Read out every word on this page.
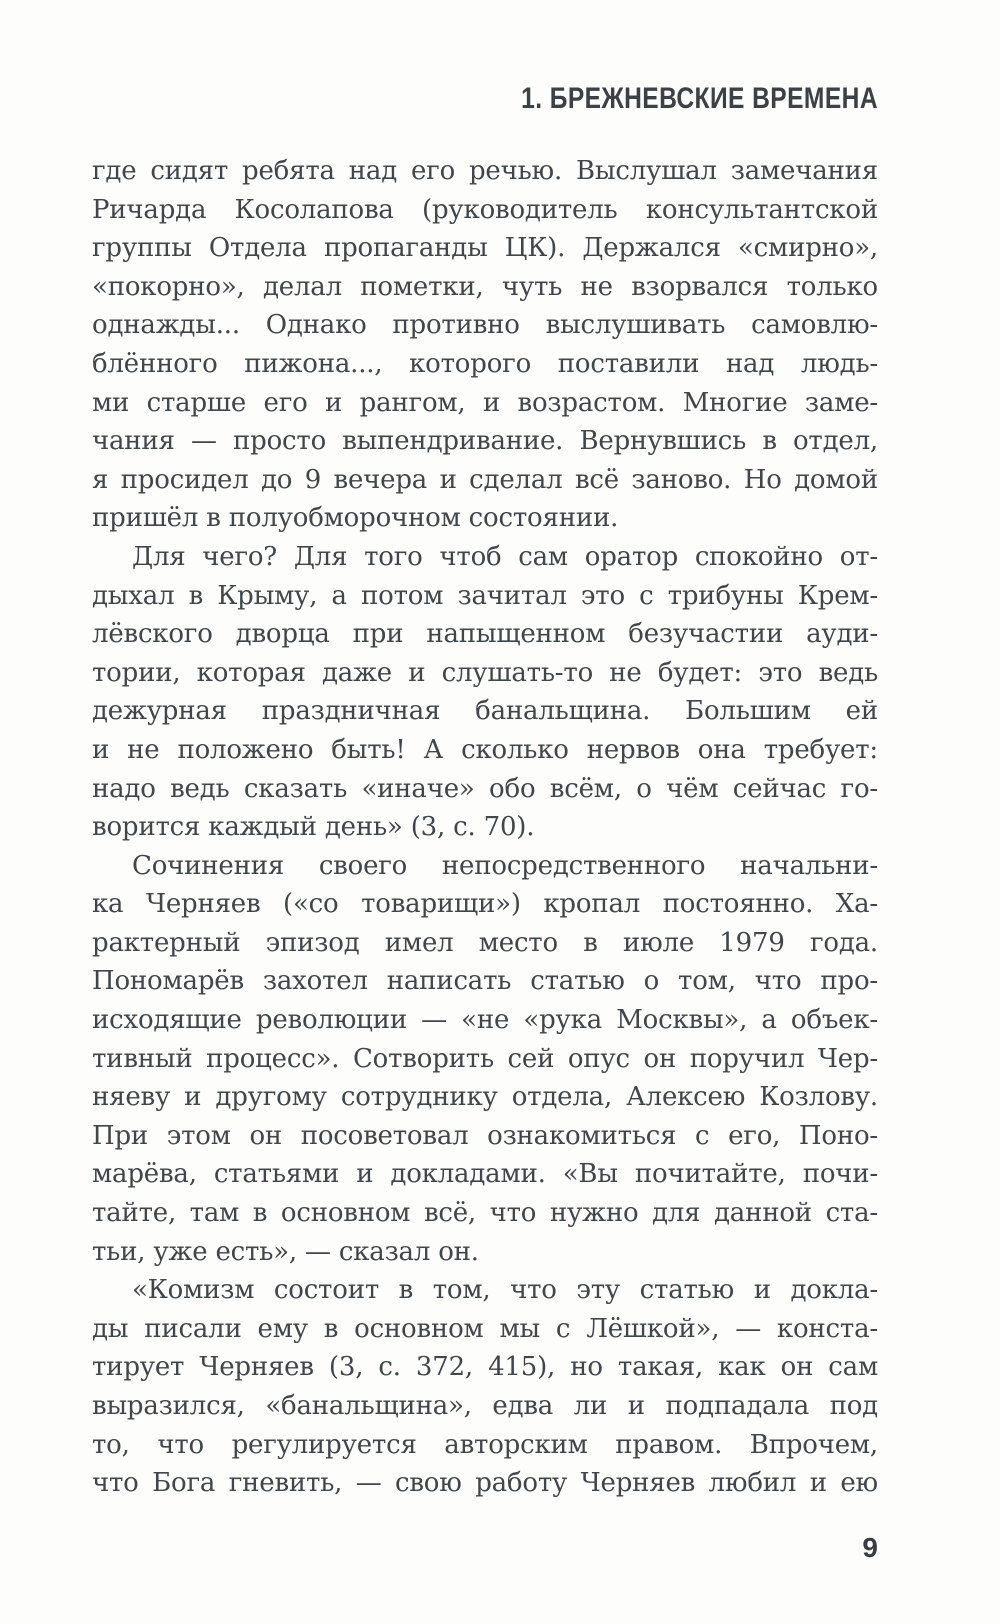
1. БРЕЖНЕВСКИЕ ВРЕМЕНА
где сидят ребята над его речью. Выслушал замечания
Ричарда Косолапова (руководитель консультантской
группы Отдела пропаганды ЦК). Держался «смирно»,
«покорно», делал пометки, чуть не взорвался только
однажды... Однако противно выслушивать самовлю-
блённого пижона..., которого поставили над людь-
ми старше его и рангом, и возрастом. Многие заме-
чания — просто выпендривание. Вернувшись в отдел,
я просидел до 9 вечера и сделал всё заново. Но домой
пришёл в полуобморочном состоянии.
Для чего? Для того чтоб сам оратор спокойно от-
дыхал в Крыму, а потом зачитал это с трибуны Крем-
лёвского дворца при напыщенном безучастии ауди-
тории, которая даже и слушать-то не будет: это ведь
дежурная праздничная банальщина. Большим ей
и не положено быть! А сколько нервов она требует:
надо ведь сказать «иначе» обо всём, о чём сейчас го-
ворится каждый день» (3, с. 70).
Сочинения своего непосредственного начальни-
ка Черняев («со товарищи») кропал постоянно. Ха-
рактерный эпизод имел место в июле 1979 года.
Пономарёв захотел написать статью о том, что про-
исходящие революции — «не «рука Москвы», а объек-
тивный процесс». Сотворить сей опус он поручил Чер-
няеву и другому сотруднику отдела, Алексею Козлову.
При этом он посоветовал ознакомиться с его, Поно-
марёва, статьями и докладами. «Вы почитайте, почи-
тайте, там в основном всё, что нужно для данной ста-
тьи, уже есть», — сказал он.
«Комизм состоит в том, что эту статью и докла-
ды писали ему в основном мы с Лёшкой», — конста-
тирует Черняев (3, с. 372, 415), но такая, как он сам
выразился, «банальщина», едва ли и подпадала под
то, что регулируется авторским правом. Впрочем,
что Бога гневить, — свою работу Черняев любил и ею
9
